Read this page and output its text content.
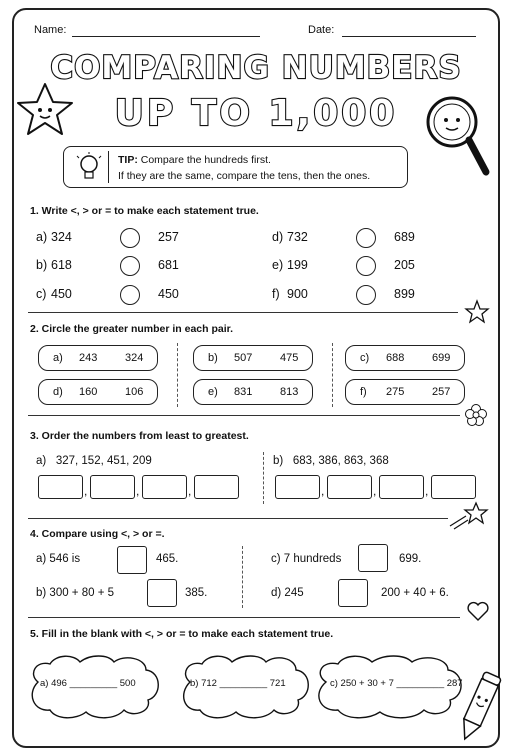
Name:	Date:
COMPARING NUMBERS
UP TO 1,000
TIP: Compare the hundreds first.
If they are the same, compare the tens, then the ones.
1. Write <, > or = to make each statement true.
a) 324	257
b) 618	681
c) 450	450
d) 732	689
e) 199	205
f) 900	899
2. Circle the greater number in each pair.
a) 243	324	b) 507	475	c) 688	699
d) 160	106	e) 831	813	f) 275	257
3. Order the numbers from least to greatest.
a) 327, 152, 451, 209	b) 683, 386, 863, 368
,	,	,	,	,	,
4. Compare using <, > or =.
a) 546 is	465.	c) 7 hundreds	699.
b) 300 + 80 + 5	385.	d) 245	200 + 40 + 6.
5. Fill in the blank with <, > or = to make each statement true.
a) 496 _________ 500	b) 712 _________ 721	c) 250 + 30 + 7 _________ 287
